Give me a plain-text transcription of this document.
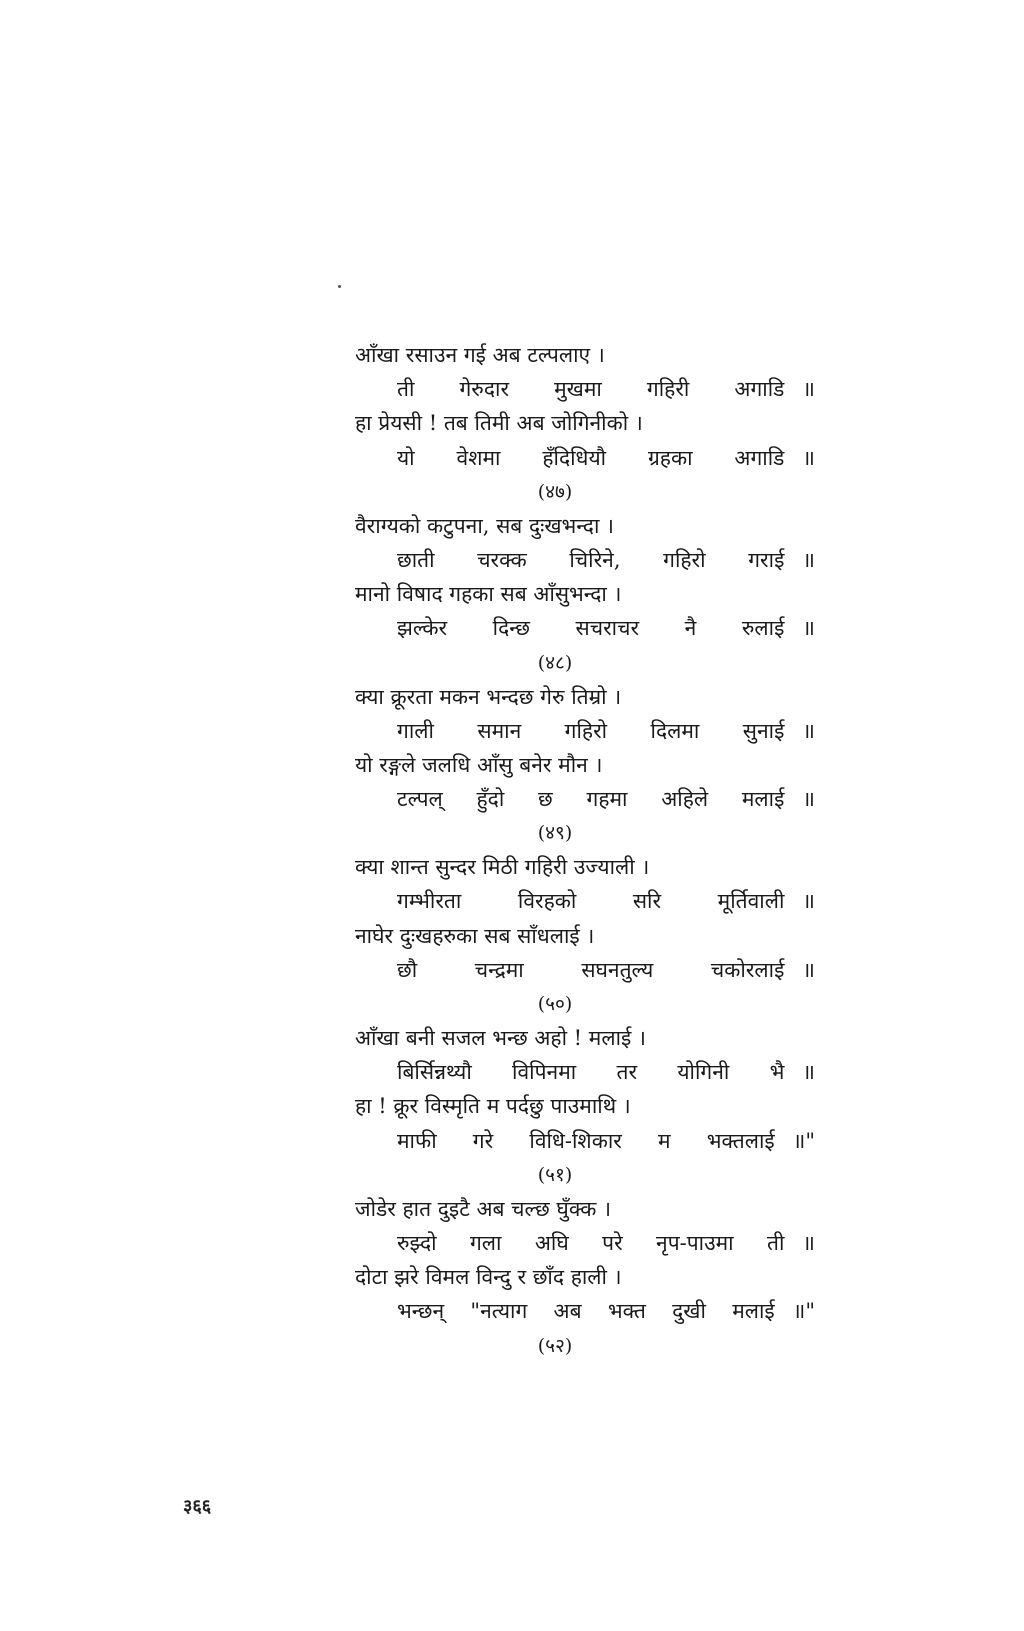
आँखा रसाउन गई अब टल्पलाए ।
ती गेरुदार मुखमा गहिरी अगाडि ॥
हा प्रेयसी ! तब तिमी अब जोगिनीको ।
यो वेशमा हँदिधियौ ग्रहका अगाडि ॥
(४७)
वैराग्यको कटुपना, सब दुःखभन्दा ।
छाती चरक्क चिरिने, गहिरो गराई ॥
मानो विषाद गहका सब आँसुभन्दा ।
झल्केर दिन्छ सचराचर नै रुलाई ॥
(४८)
क्या क्रूरता मकन भन्दछ गेरु तिम्रो ।
गाली समान गहिरो दिलमा सुनाई ॥
यो रङ्गले जलधि आँसु बनेर मौन ।
टल्पल् हुँदो छ गहमा अहिले मलाई ॥
(४९)
क्या शान्त सुन्दर मिठी गहिरी उज्याली ।
गम्भीरता विरहको सरि मूर्तिवाली ॥
नाघेर दुःखहरुका सब साँधलाई ।
छौ चन्द्रमा सघनतुल्य चकोरलाई ॥
(५०)
आँखा बनी सजल भन्छ अहो ! मलाई ।
बिर्सिन्नथ्यौ विपिनमा तर योगिनी भै ॥
हा ! क्रूर विस्मृति म पर्दछु पाउमाथि ।
माफी गरे विधि-शिकार म भक्तलाई ॥"
(५१)
जोडेर हात दुइटै अब चल्छ घुँक्क ।
रुझ्दो गला अघि परे नृप-पाउमा ती ॥
दोटा झरे विमल विन्दु र छाँद हाली ।
भन्छन् "नत्याग अब भक्त दुखी मलाई ॥"
(५२)
३६६
